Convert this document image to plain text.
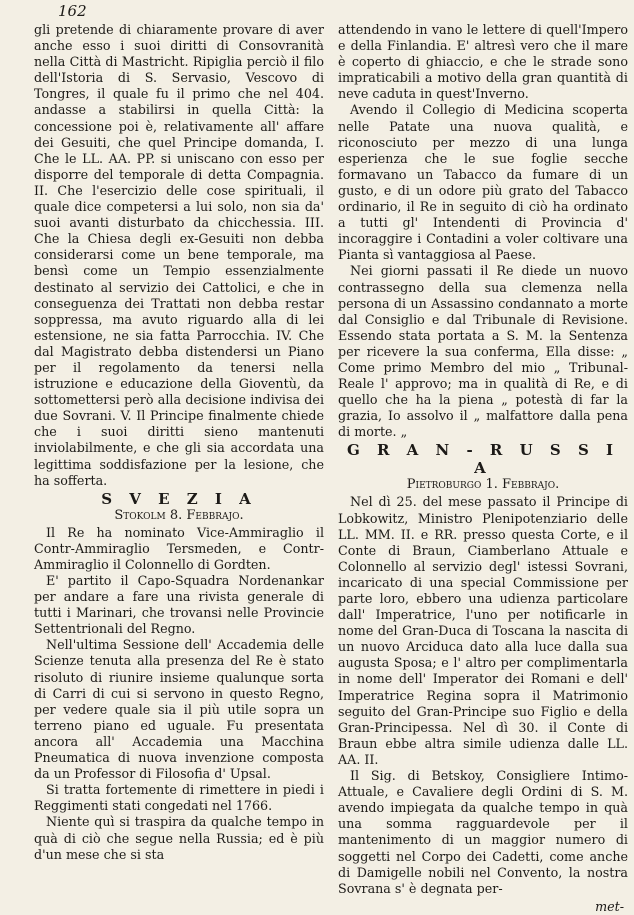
162

gli pretende di chiaramente provare di aver anche esso i suoi diritti di Consovranità nella Città di Mastricht. Ripiglia perciò il filo dell'Istoria di S. Servasio, Vescovo di Tongres, il quale fu il primo che nel 404. andasse a stabilirsi in quella Città: la concessione poi è, relativamente all' affare dei Gesuiti, che quel Principe domanda, I. Che le LL. AA. PP. si uniscano con esso per disporre del temporale di detta Compagnia. II. Che l'esercizio delle cose spirituali, il quale dice competersi a lui solo, non sia da' suoi avanti disturbato da chicchessia. III. Che la Chiesa degli ex-Gesuiti non debba considerarsi come un bene temporale, ma bensì come un Tempio essenzialmente destinato al servizio dei Cattolici, e che in conseguenza dei Trattati non debba restar soppressa, ma avuto riguardo alla di lei estensione, ne sia fatta Parrocchia. IV. Che dal Magistrato debba distendersi un Piano per il regolamento da tenersi nella istruzione e educazione della Gioventù, da sottomettersi però alla decisione indivisa dei due Sovrani. V. Il Principe finalmente chiede che i suoi diritti sieno mantenuti inviolabilmente, e che gli sia accordata una legittima soddisfazione per la lesione, che ha sofferta.

S V E Z I A
Stokolm 8. Febbrajo.

Il Re ha nominato Vice-Ammiraglio il Contr-Ammiraglio Tersmeden, e Contr-Ammiraglio il Colonnello di Gordten.

E' partito il Capo-Squadra Nordenankar per andare a fare una rivista generale di tutti i Marinari, che trovansi nelle Provincie Settentrionali del Regno.

Nell'ultima Sessione dell' Accademia delle Scienze tenuta alla presenza del Re è stato risoluto di riunire insieme qualunque sorta di Carri di cui si servono in questo Regno, per vedere quale sia il più utile sopra un terreno piano ed uguale. Fu presentata ancora all' Accademia una Macchina Pneumatica di nuova invenzione composta da un Professor di Filosofia d' Upsal.

Si tratta fortemente di rimettere in piedi i Reggimenti stati congedati nel 1766.

Niente quì si traspira da qualche tempo in quà di ciò che segue nella Russia; ed è più d'un mese che si sta

attendendo in vano le lettere di quell'Impero e della Finlandia. E' altresì vero che il mare è coperto di ghiaccio, e che le strade sono impraticabili a motivo della gran quantità di neve caduta in quest'Inverno.

Avendo il Collegio di Medicina scoperta nelle Patate una nuova qualità, e riconosciuto per mezzo di una lunga esperienza che le sue foglie secche formavano un Tabacco da fumare di un gusto, e di un odore più grato del Tabacco ordinario, il Re in seguito di ciò ha ordinato a tutti gl' Intendenti di Provincia d' incoraggire i Contadini a voler coltivare una Pianta sì vantaggiosa al Paese.

Nei giorni passati il Re diede un nuovo contrassegno della sua clemenza nella persona di un Assassino condannato a morte dal Consiglio e dal Tribunale di Revisione. Essendo stata portata a S. M. la Sentenza per ricevere la sua conferma, Ella disse: „ Come primo Membro del mio „ Tribunal-Reale l' approvo; ma in qualità di Re, e di quello che ha la piena „ potestà di far la grazia, Io assolvo il „ malfattore dalla pena di morte. „

G R A N - R U S S I A
Pietroburgo 1. Febbrajo.

Nel dì 25. del mese passato il Principe di Lobkowitz, Ministro Plenipotenziario delle LL. MM. II. e RR. presso questa Corte, e il Conte di Braun, Ciamberlano Attuale e Colonnello al servizio degl' istessi Sovrani, incaricato di una special Commissione per parte loro, ebbero una udienza particolare dall' Imperatrice, l'uno per notificarle in nome del Gran-Duca di Toscana la nascita di un nuovo Arciduca dato alla luce dalla sua augusta Sposa; e l' altro per complimentarla in nome dell' Imperator dei Romani e dell' Imperatrice Regina sopra il Matrimonio seguito del Gran-Principe suo Figlio e della Gran-Principessa. Nel dì 30. il Conte di Braun ebbe altra simile udienza dalle LL. AA. II.

Il Sig. di Betskoy, Consigliere Intimo-Attuale, e Cavaliere degli Ordini di S. M. avendo impiegata da qualche tempo in quà una somma ragguardevole per il mantenimento di un maggior numero di soggetti nel Corpo dei Cadetti, come anche di Damigelle nobili nel Convento, la nostra Sovrana s' è degnata per-

met-
